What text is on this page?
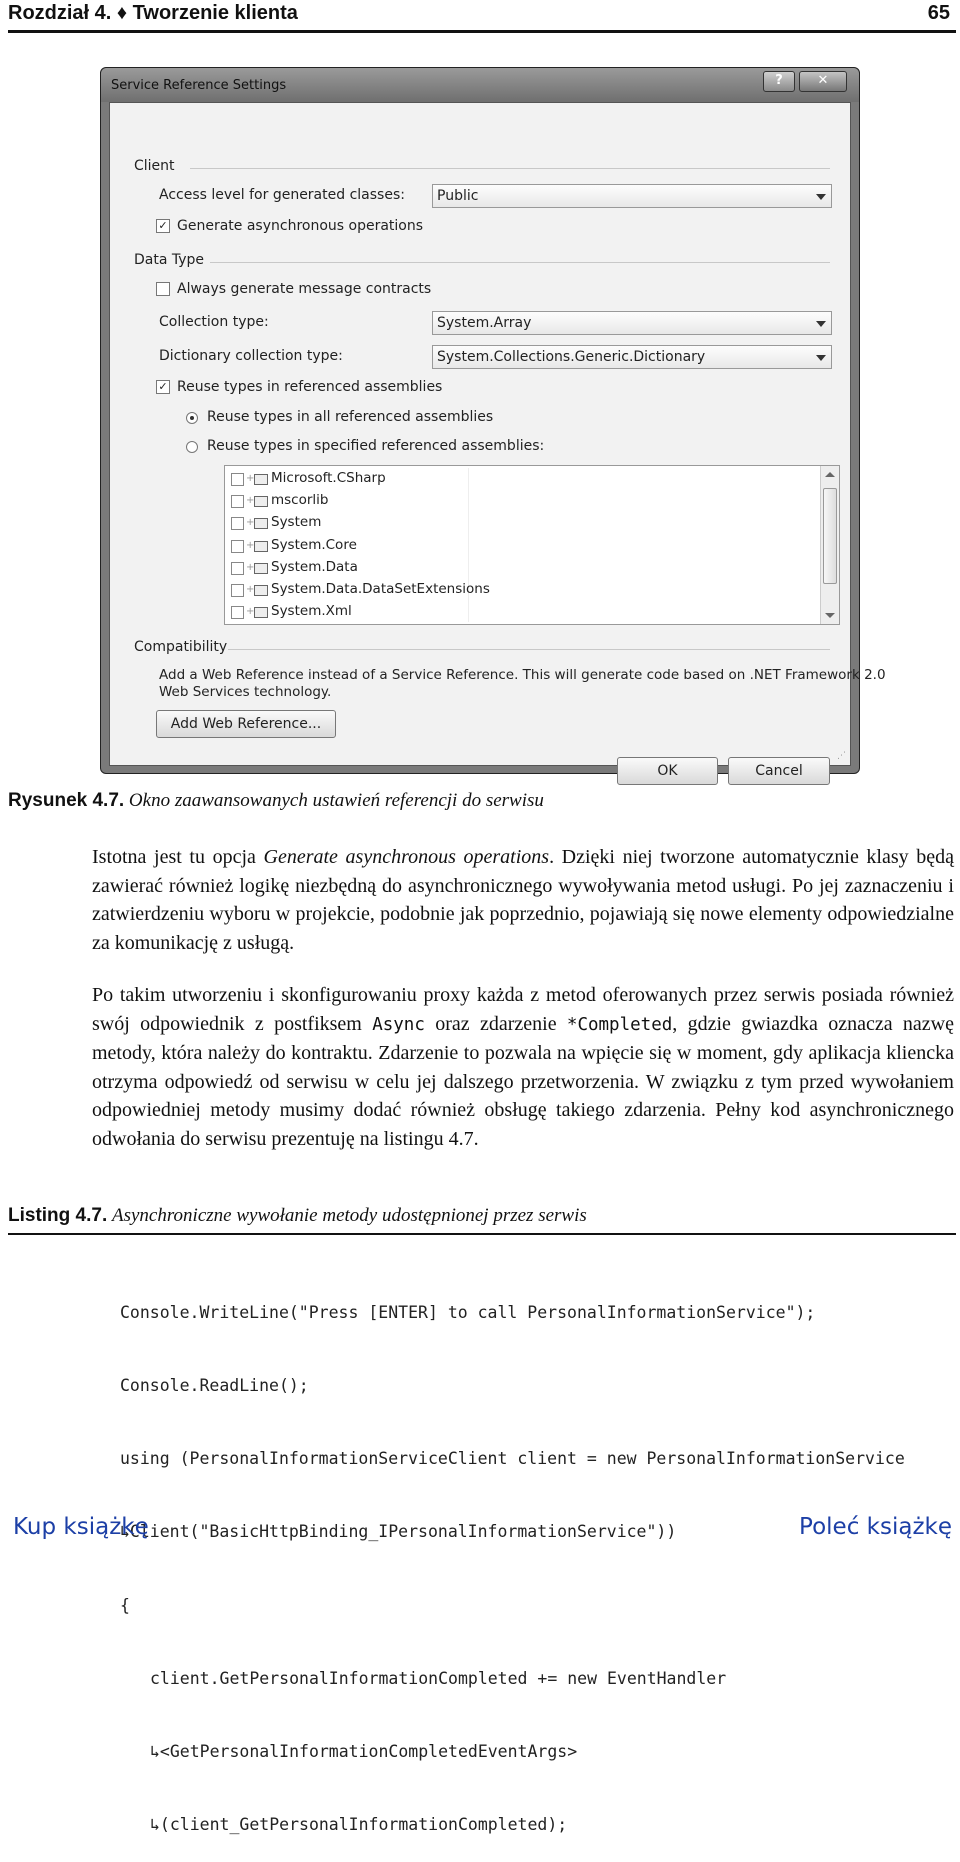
Rozdział 4. ♦ Tworzenie klienta	65
Service Reference Settings	?	✕
Client
Access level for generated classes: Public
✓ Generate asynchronous operations
Data Type
Always generate message contracts
Collection type:	System.Array
Dictionary collection type:	System.Collections.Generic.Dictionary
✓ Reuse types in referenced assemblies
Reuse types in all referenced assemblies
Reuse types in specified referenced assemblies:
+ Microsoft.CSharp
+ mscorlib
+ System
+ System.Core
+ System.Data
+ System.Data.DataSetExtensions
+ System.Xml
Compatibility
Add a Web Reference instead of a Service Reference. This will generate code based on .NET Framework 2.0
Web Services technology.
Add Web Reference...
OK	Cancel
⋰
Rysunek 4.7. Okno zaawansowanych ustawień referencji do serwisu

Istotna jest tu opcja Generate asynchronous operations. Dzięki niej tworzone automatycznie klasy będą zawierać również logikę niezbędną do asynchronicznego wywoływania metod usługi. Po jej zaznaczeniu i zatwierdzeniu wyboru w projekcie, podobnie jak poprzednio, pojawiają się nowe elementy odpowiedzialne za komunikację z usługą.

Po takim utworzeniu i skonfigurowaniu proxy każda z metod oferowanych przez serwis posiada również swój odpowiednik z postfiksem Async oraz zdarzenie *Completed, gdzie gwiazdka oznacza nazwę metody, która należy do kontraktu. Zdarzenie to pozwala na wpięcie się w moment, gdy aplikacja kliencka otrzyma odpowiedź od serwisu w celu jej dalszego przetworzenia. W związku z tym przed wywołaniem odpowiedniej metody musimy dodać również obsługę takiego zdarzenia. Pełny kod asynchronicznego odwołania do serwisu prezentuję na listingu 4.7.

Listing 4.7. Asynchroniczne wywołanie metody udostępnionej przez serwis

Console.WriteLine("Press [ENTER] to call PersonalInformationService");

Console.ReadLine();

using (PersonalInformationServiceClient client = new PersonalInformationService

↳Client("BasicHttpBinding_IPersonalInformationService"))

{

client.GetPersonalInformationCompleted += new EventHandler

↳<GetPersonalInformationCompletedEventArgs>

↳(client_GetPersonalInformationCompleted);

Kup książkę	Poleć książkę
